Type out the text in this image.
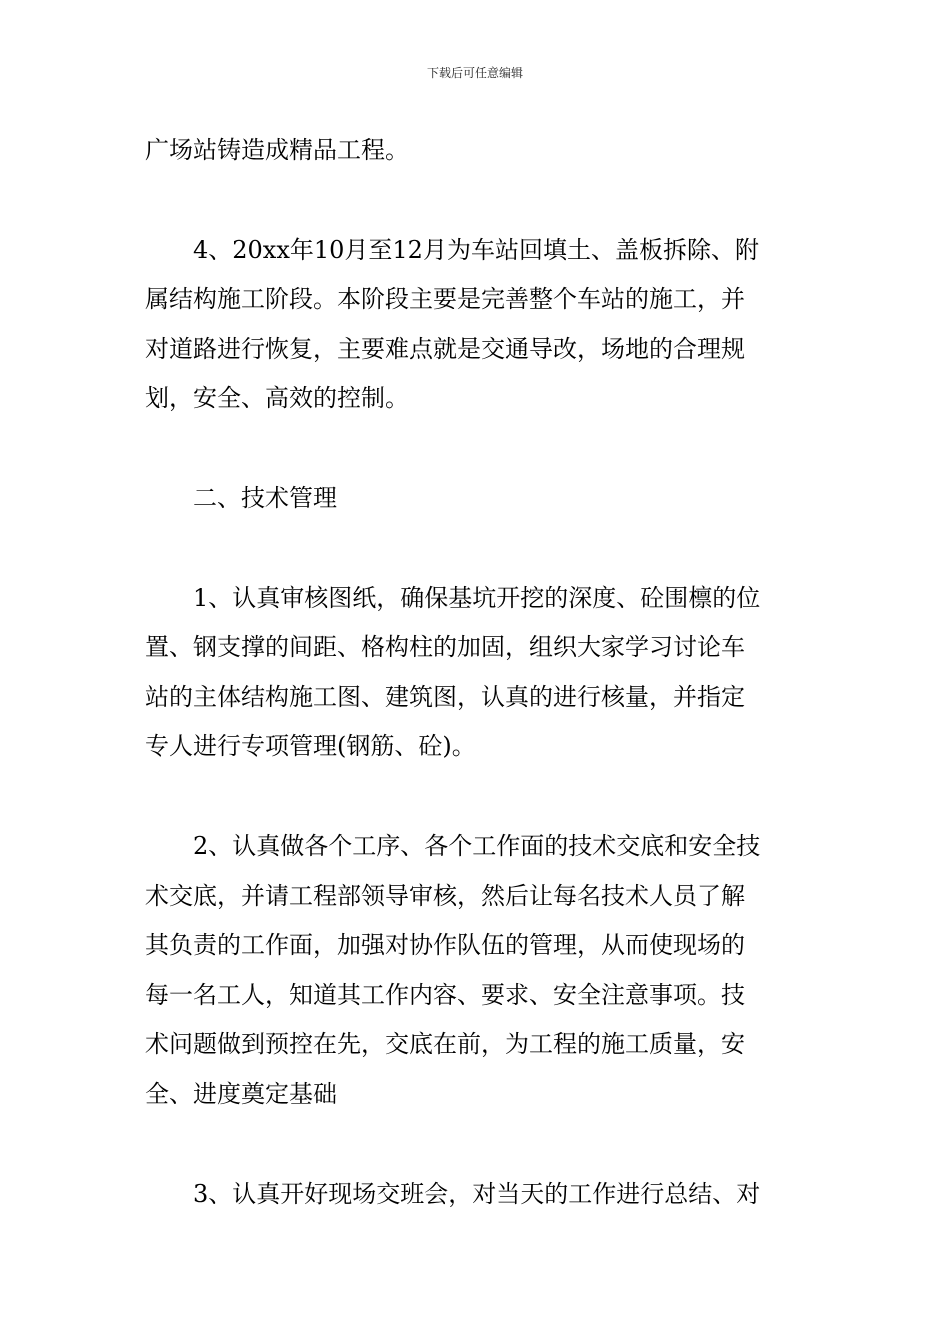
下载后可任意编辑
广场站铸造成精品工程。
4、20xx年10月至12月为车站回填土、盖板拆除、附
属结构施工阶段。本阶段主要是完善整个车站的施工，并
对道路进行恢复，主要难点就是交通导改，场地的合理规
划，安全、高效的控制。
二、技术管理
1、认真审核图纸，确保基坑开挖的深度、砼围檩的位
置、钢支撑的间距、格构柱的加固，组织大家学习讨论车
站的主体结构施工图、建筑图，认真的进行核量，并指定
专人进行专项管理(钢筋、砼)。
2、认真做各个工序、各个工作面的技术交底和安全技
术交底，并请工程部领导审核，然后让每名技术人员了解
其负责的工作面，加强对协作队伍的管理，从而使现场的
每一名工人，知道其工作内容、要求、安全注意事项。技
术问题做到预控在先，交底在前，为工程的施工质量，安
全、进度奠定基础
3、认真开好现场交班会，对当天的工作进行总结、对
